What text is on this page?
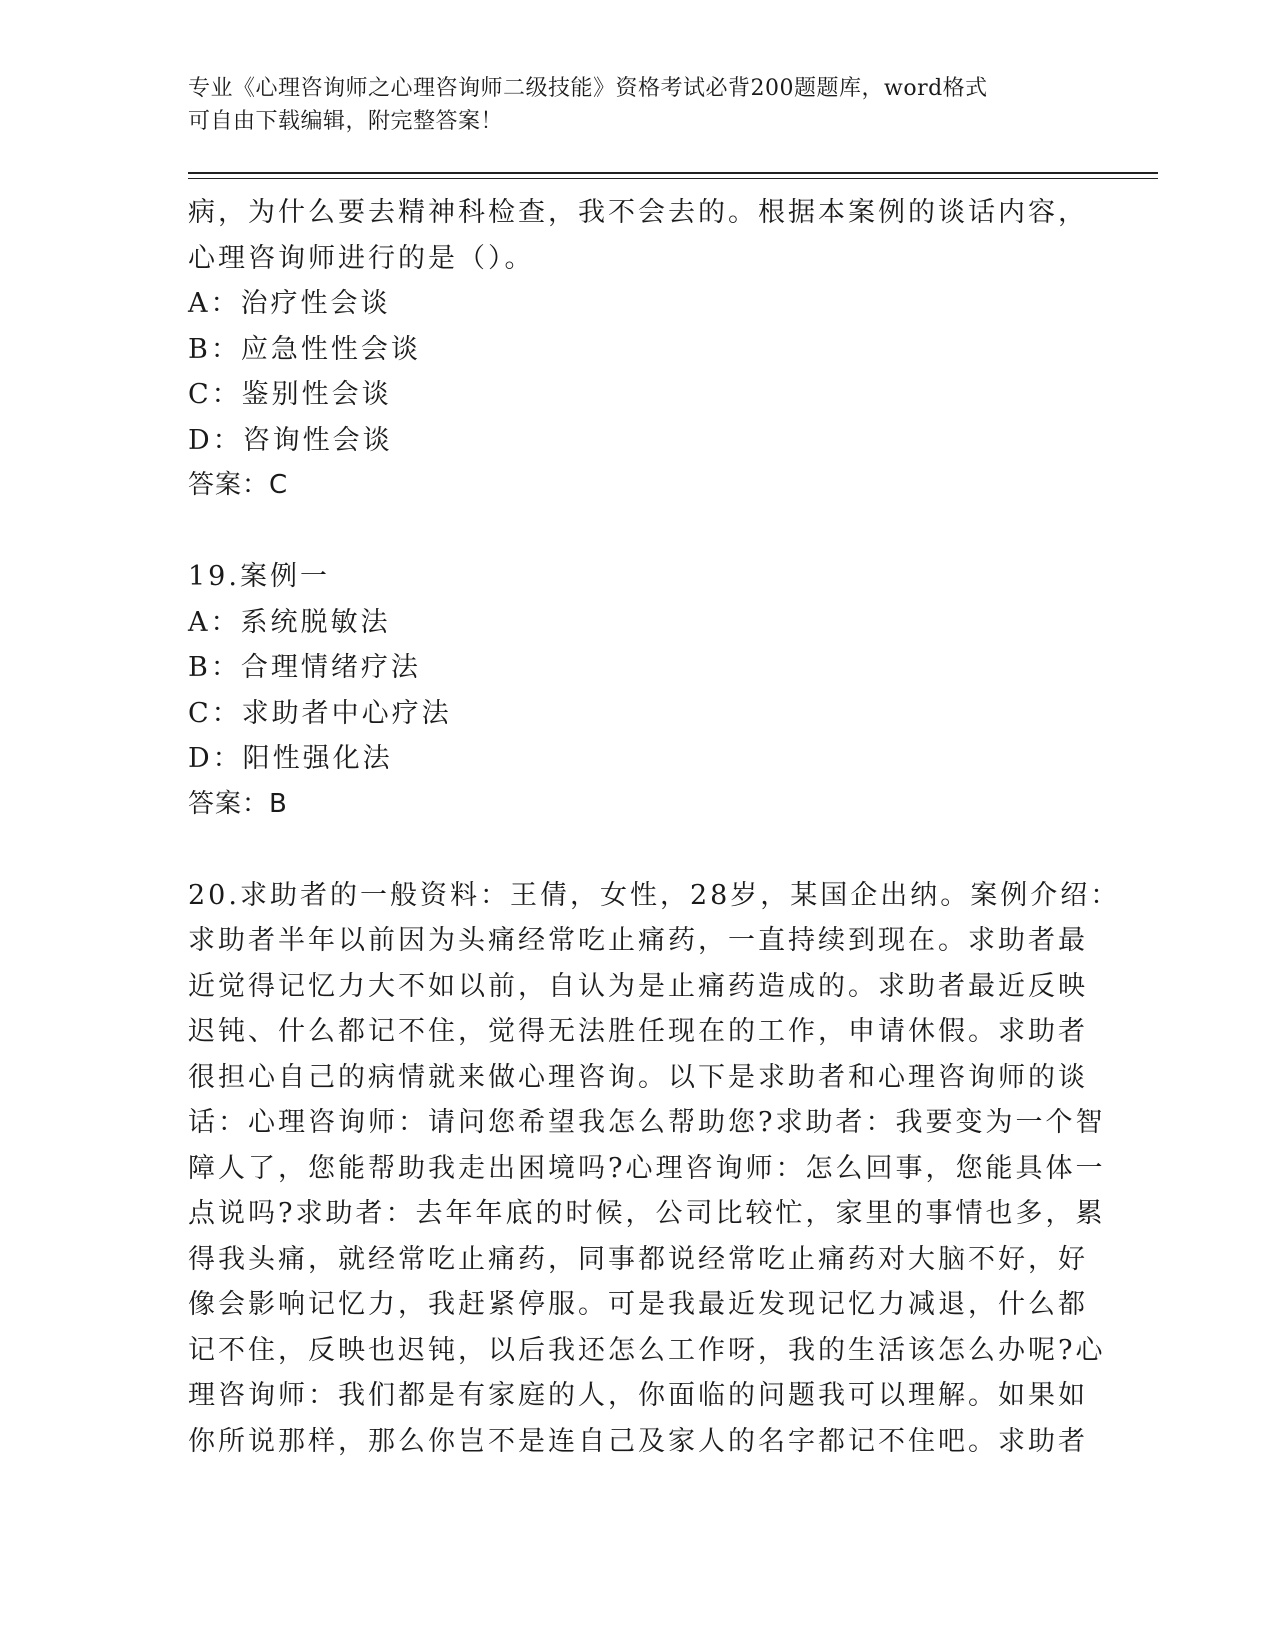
专业《心理咨询师之心理咨询师二级技能》资格考试必背200题题库，word格式
可自由下载编辑，附完整答案！
病，为什么要去精神科检查，我不会去的。根据本案例的谈话内容，
心理咨询师进行的是（）。
A：治疗性会谈
B：应急性性会谈
C：鉴别性会谈
D：咨询性会谈
答案：C
19.案例一
A：系统脱敏法
B：合理情绪疗法
C：求助者中心疗法
D：阳性强化法
答案：B
20.求助者的一般资料：王倩，女性，28岁，某国企出纳。案例介绍：
求助者半年以前因为头痛经常吃止痛药，一直持续到现在。求助者最
近觉得记忆力大不如以前，自认为是止痛药造成的。求助者最近反映
迟钝、什么都记不住，觉得无法胜任现在的工作，申请休假。求助者
很担心自己的病情就来做心理咨询。以下是求助者和心理咨询师的谈
话：心理咨询师：请问您希望我怎么帮助您?求助者：我要变为一个智
障人了，您能帮助我走出困境吗?心理咨询师：怎么回事，您能具体一
点说吗?求助者：去年年底的时候，公司比较忙，家里的事情也多，累
得我头痛，就经常吃止痛药，同事都说经常吃止痛药对大脑不好，好
像会影响记忆力，我赶紧停服。可是我最近发现记忆力减退，什么都
记不住，反映也迟钝，以后我还怎么工作呀，我的生活该怎么办呢?心
理咨询师：我们都是有家庭的人，你面临的问题我可以理解。如果如
你所说那样，那么你岂不是连自己及家人的名字都记不住吧。求助者
